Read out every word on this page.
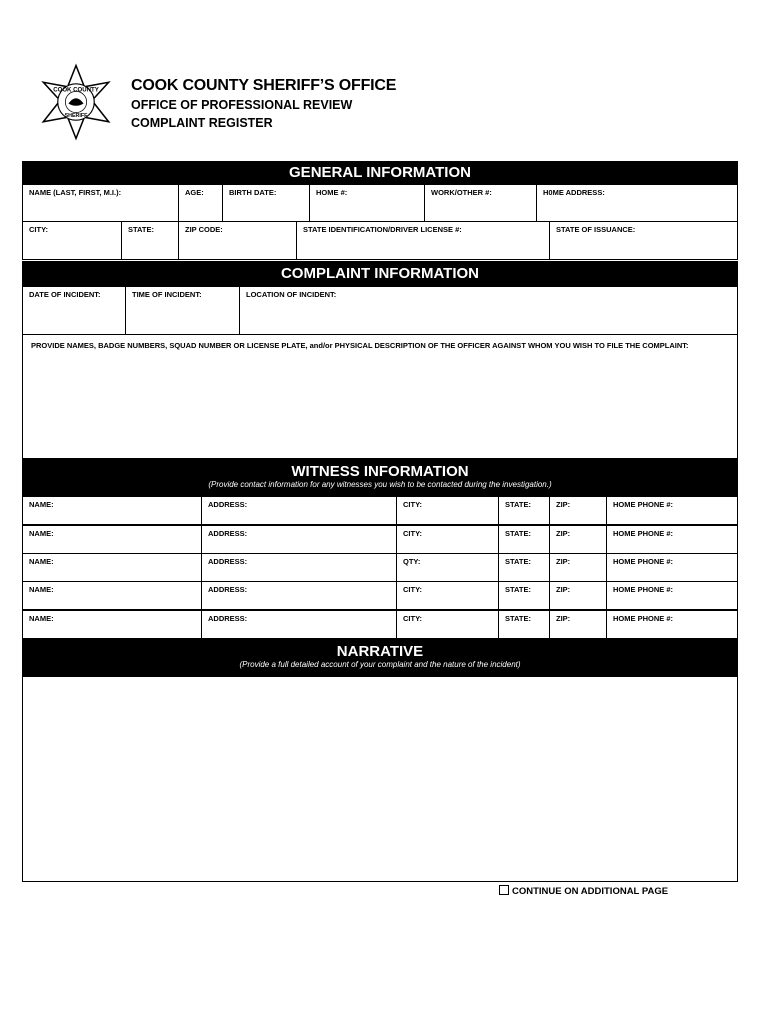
COOK COUNTY
SHERIFF
COOK COUNTY SHERIFF’S OFFICE
OFFICE OF PROFESSIONAL REVIEW
COMPLAINT REGISTER
GENERAL INFORMATION
NAME (LAST, FIRST, M.I.):	AGE:	BIRTH DATE:	HOME #:	WORK/OTHER #:	H0ME ADDRESS:
CITY:	STATE:	ZIP CODE:	STATE IDENTIFICATION/DRIVER LICENSE #:	STATE OF ISSUANCE:
COMPLAINT INFORMATION
DATE OF INCIDENT:	TIME OF INCIDENT:	LOCATION OF INCIDENT:
PROVIDE NAMES, BADGE NUMBERS, SQUAD NUMBER OR LICENSE PLATE, and/or PHYSICAL DESCRIPTION OF THE OFFICER AGAINST WHOM YOU WISH TO FILE THE COMPLAINT:
WITNESS INFORMATION
(Provide contact information for any witnesses you wish to be contacted during the investigation.)
NAME:	ADDRESS:	CITY:	STATE:	ZIP:	HOME PHONE #:
NAME:	ADDRESS:	CITY:	STATE:	ZIP:	HOME PHONE #:
NAME:	ADDRESS:	QTY:	STATE:	ZIP:	HOME PHONE #:
NAME:	ADDRESS:	CITY:	STATE:	ZIP:	HOME PHONE #:
NAME:	ADDRESS:	CITY:	STATE:	ZIP:	HOME PHONE #:
NARRATIVE
(Provide a full detailed account of your complaint and the nature of the incident)
CONTINUE ON ADDITIONAL PAGE
